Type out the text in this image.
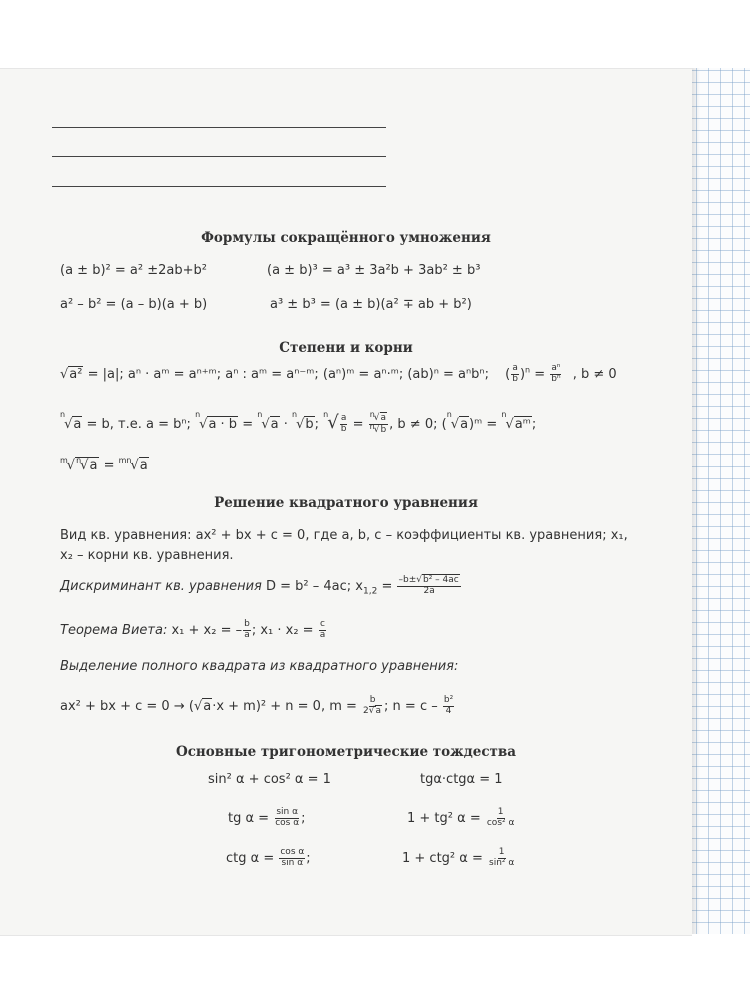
Формулы сокращённого умножения
(a ± b)² = a² ±2ab+b²	(a ± b)³ = a³ ± 3a²b + 3ab² ± b³
a² – b² = (a – b)(a + b)	a³ ± b³ = (a ± b)(a² ∓ ab + b²)
Степени и корни
√a² = |a|; aⁿ · aᵐ = aⁿ⁺ᵐ; aⁿ : aᵐ = aⁿ⁻ᵐ; (aⁿ)ᵐ = aⁿ·ᵐ; (ab)ⁿ = aⁿbⁿ; ( $\frac{a}{b} )^n = \frac{\text{aⁿ}}{\text{bⁿ}}$ , b ≠ 0
$^n$√a = b, т.е. a = bⁿ; $^n$√a · b = $^n$√a · $^n$√b; $^n√ \frac{a}{b} = \frac{n√a}{n√b}$ , b ≠ 0; ($^n$√a)ᵐ = $^n$√aᵐ;
$^m$√$^n$√a = $^{mn}$√a
Решение квадратного уравнения
Вид кв. уравнения: ax² + bx + c = 0, где a, b, c – коэффициенты кв. уравнения; x₁, x₂ – корни кв. уравнения.
Дискриминант кв. уравнения D = b² – 4ac; $x_{1,2} = \frac{\text{–b±√b² – 4ac}}{2a}$
Теорема Виета: x₁ + x₂ = – $\frac{b}{a}$ ; $x_1 \cdot x_2 = \frac{c}{a}$
Выделение полного квадрата из квадратного уравнения:
ax² + bx + c = 0 → (√a·x + m)² + n = 0, $m = \frac{b}{2√a}$ ; $n = c - \frac{\text{b²}}{4}$
Основные тригонометрические тождества
sin² α + cos² α = 1	tgα·ctgα = 1
tg $\alpha = \frac{\text{sin α}}{\text{cos α}}$ ;	1 + tg² $\alpha = \frac{1}{\text{cos² α}}$
ctg $\alpha = \frac{\text{cos α}}{\text{sin α}}$ ;	1 + ctg² $\alpha = \frac{1}{\text{sin² α}}$
